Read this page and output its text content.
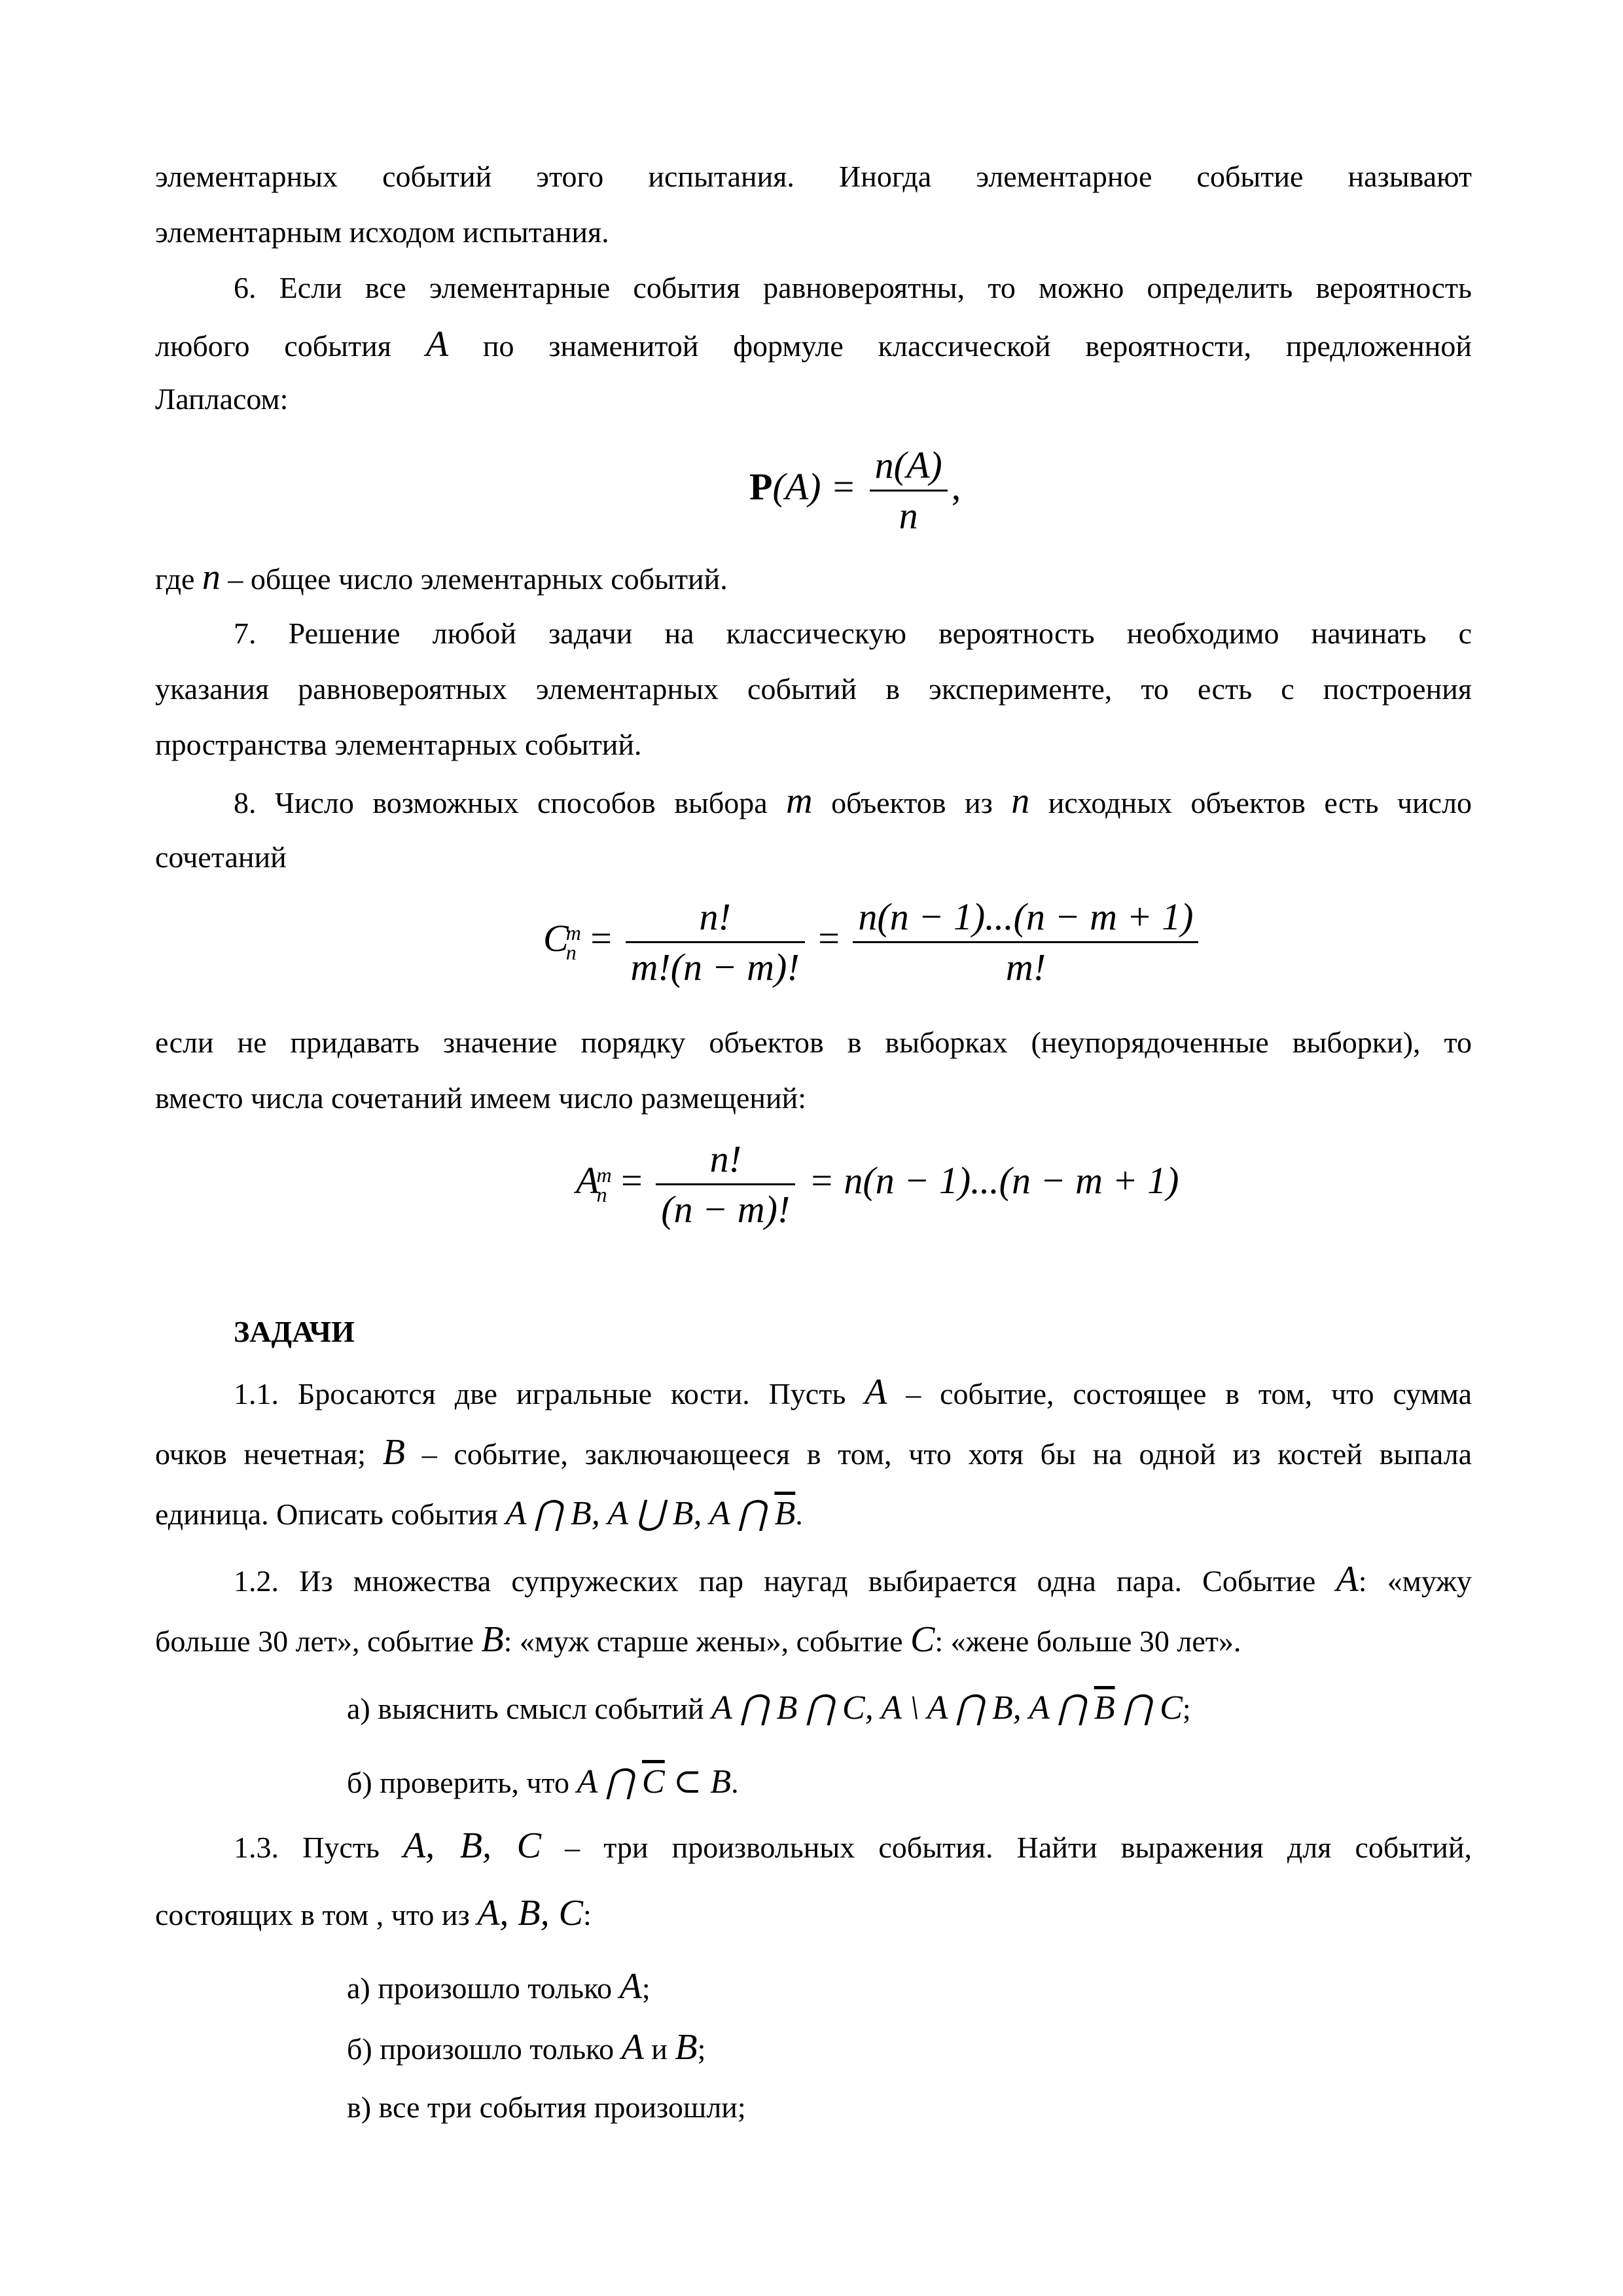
элементарных событий этого испытания. Иногда элементарное событие называют
элементарным исходом испытания.
6. Если все элементарные события равновероятны, то можно определить вероятность
любого события A по знаменитой формуле классической вероятности, предложенной
Лапласом:
$P(A) = \frac{n(A)}{n}$ ,
где n – общее число элементарных событий.
7. Решение любой задачи на классическую вероятность необходимо начинать с
указания равновероятных элементарных событий в эксперименте, то есть с построения
пространства элементарных событий.
8. Число возможных способов выбора m объектов из n исходных объектов есть число
сочетаний
C
m
$n = \frac{n!}{m!(n - m)!} = \frac{n(n - 1)...(n - m + 1)}{m!}$
если не придавать значение порядку объектов в выборках (неупорядоченные выборки), то
вместо числа сочетаний имеем число размещений:
A
m
$n = \frac{n!}{(n - m)!} = n(n - 1)...(n - m + 1)$
ЗАДАЧИ
1.1. Бросаются две игральные кости. Пусть A – событие, состоящее в том, что сумма
очков нечетная; B – событие, заключающееся в том, что хотя бы на одной из костей выпала
единица. Описать события A ⋂ B, A ⋃ B, A ⋂ $\overline{B}$.
1.2. Из множества супружеских пар наугад выбирается одна пара. Событие A: «мужу
больше 30 лет», событие B: «муж старше жены», событие C: «жене больше 30 лет».
а) выяснить смысл событий A ⋂ B ⋂ C, A \ A ⋂ B, A ⋂ $\overline{B}$ ⋂ C;
б) проверить, что A ⋂ $\overline{C}$ ⊂ B.
1.3. Пусть A, B, C – три произвольных события. Найти выражения для событий,
состоящих в том , что из A, B, C:
а) произошло только A;
б) произошло только A и B;
в) все три события произошли;
